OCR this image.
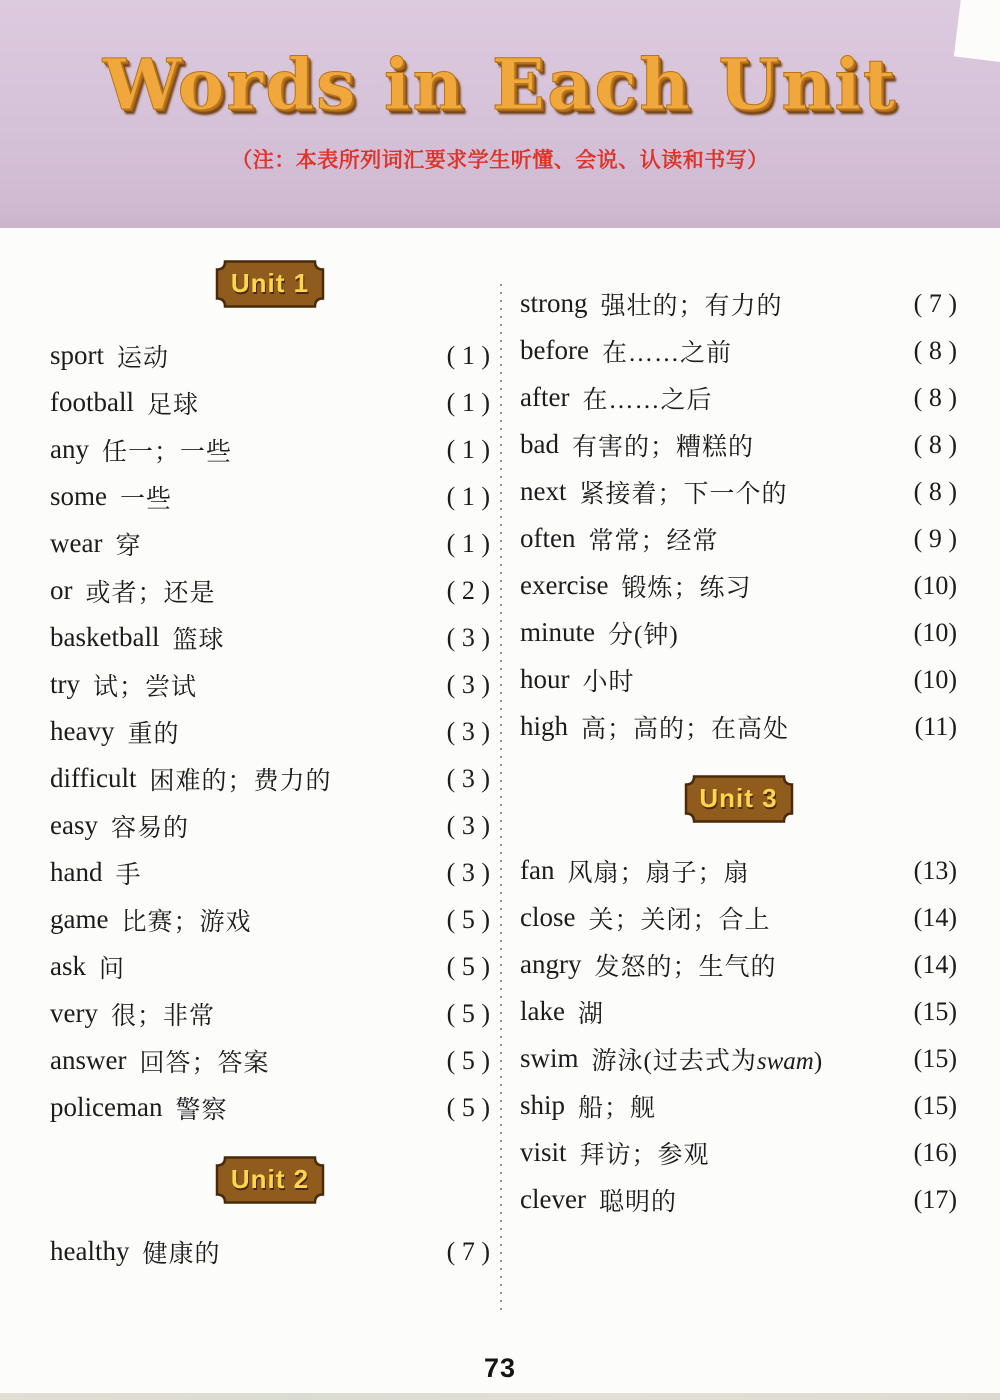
Words in Each Unit

（注：本表所列词汇要求学生听懂、会说、认读和书写）

Unit 1
sport 运动	( 1 )
football 足球	( 1 )
any 任一；一些	( 1 )
some 一些	( 1 )
wear 穿	( 1 )
or 或者；还是	( 2 )
basketball 篮球	( 3 )
try 试；尝试	( 3 )
heavy 重的	( 3 )
difficult 困难的；费力的	( 3 )
easy 容易的	( 3 )
hand 手	( 3 )
game 比赛；游戏	( 5 )
ask 问	( 5 )
very 很；非常	( 5 )
answer 回答；答案	( 5 )
policeman 警察	( 5 )
Unit 2
healthy 健康的	( 7 )
strong 强壮的；有力的	( 7 )
before 在……之前	( 8 )
after 在……之后	( 8 )
bad 有害的；糟糕的	( 8 )
next 紧接着；下一个的	( 8 )
often 常常；经常	( 9 )
exercise 锻炼；练习	(10)
minute 分(钟)	(10)
hour 小时	(10)
high 高；高的；在高处	(11)
Unit 3
fan 风扇；扇子；扇	(13)
close 关；关闭；合上	(14)
angry 发怒的；生气的	(14)
lake 湖	(15)
swim 游泳(过去式为swam)	(15)
ship 船；舰	(15)
visit 拜访；参观	(16)
clever 聪明的	(17)
73
